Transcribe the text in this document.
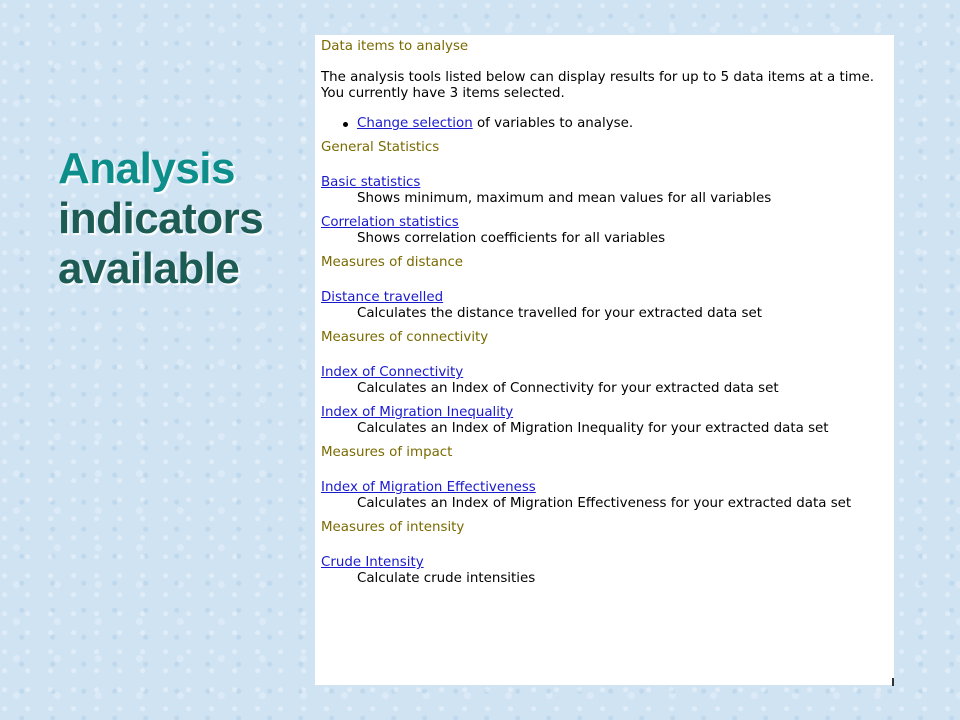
Analysis
indicators
available
Data items to analyse
The analysis tools listed below can display results for up to 5 data items at a time. You currently have 3 items selected.
Change selection of variables to analyse.
General Statistics
Basic statistics
Shows minimum, maximum and mean values for all variables
Correlation statistics
Shows correlation coefficients for all variables
Measures of distance
Distance travelled
Calculates the distance travelled for your extracted data set
Measures of connectivity
Index of Connectivity
Calculates an Index of Connectivity for your extracted data set
Index of Migration Inequality
Calculates an Index of Migration Inequality for your extracted data set
Measures of impact
Index of Migration Effectiveness
Calculates an Index of Migration Effectiveness for your extracted data set
Measures of intensity
Crude Intensity
Calculate crude intensities
